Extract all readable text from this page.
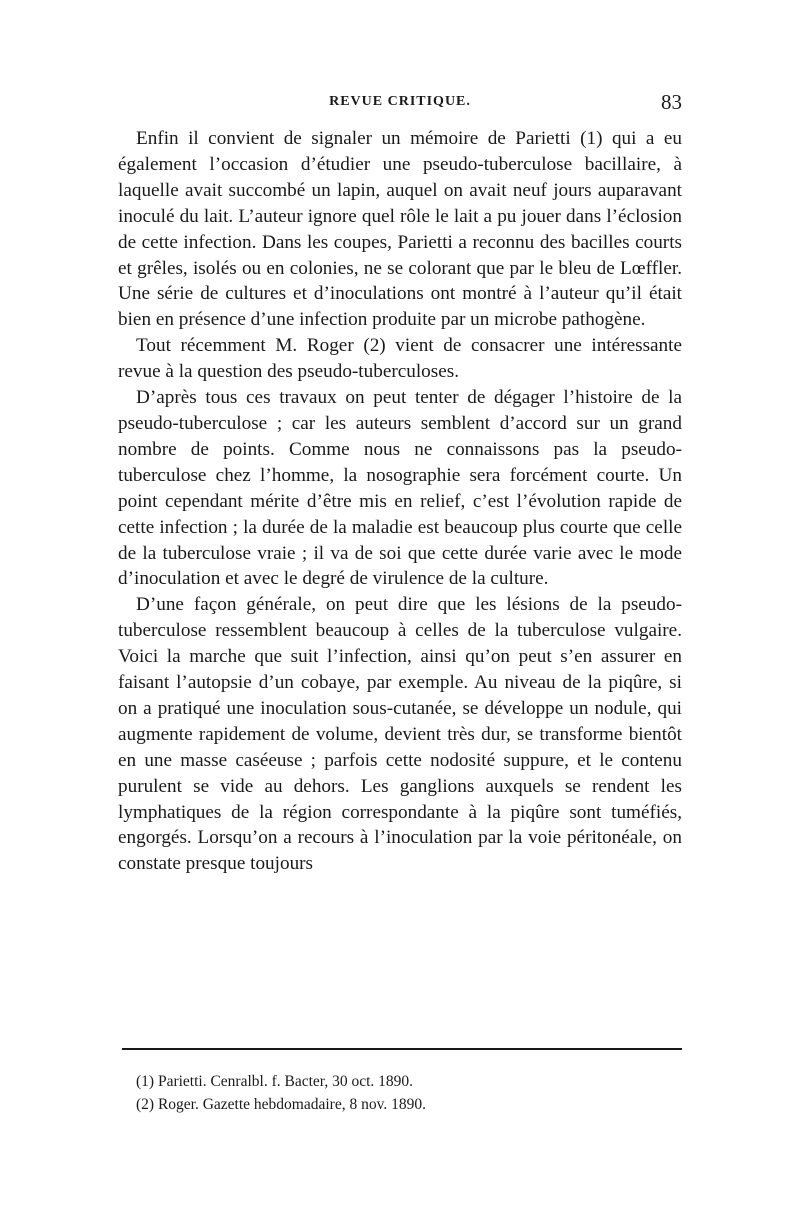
REVUE CRITIQUE.	83

Enfin il convient de signaler un mémoire de Parietti (1) qui a eu également l’occasion d’étudier une pseudo-tuberculose bacillaire, à laquelle avait succombé un lapin, auquel on avait neuf jours auparavant inoculé du lait. L’auteur ignore quel rôle le lait a pu jouer dans l’éclosion de cette infection. Dans les coupes, Parietti a reconnu des bacilles courts et grêles, isolés ou en colonies, ne se colorant que par le bleu de Lœffler. Une série de cultures et d’inoculations ont montré à l’auteur qu’il était bien en présence d’une infection produite par un microbe pathogène.

Tout récemment M. Roger (2) vient de consacrer une intéressante revue à la question des pseudo-tuberculoses.

D’après tous ces travaux on peut tenter de dégager l’histoire de la pseudo-tuberculose ; car les auteurs semblent d’accord sur un grand nombre de points. Comme nous ne connaissons pas la pseudo-tuberculose chez l’homme, la nosographie sera forcément courte. Un point cependant mérite d’être mis en relief, c’est l’évolution rapide de cette infection ; la durée de la maladie est beaucoup plus courte que celle de la tuberculose vraie ; il va de soi que cette durée varie avec le mode d’inoculation et avec le degré de virulence de la culture.

D’une façon générale, on peut dire que les lésions de la pseudo-tuberculose ressemblent beaucoup à celles de la tuberculose vulgaire. Voici la marche que suit l’infection, ainsi qu’on peut s’en assurer en faisant l’autopsie d’un cobaye, par exemple. Au niveau de la piqûre, si on a pratiqué une inoculation sous-cutanée, se développe un nodule, qui augmente rapidement de volume, devient très dur, se transforme bientôt en une masse caséeuse ; parfois cette nodosité suppure, et le contenu purulent se vide au dehors. Les ganglions auxquels se rendent les lymphatiques de la région correspondante à la piqûre sont tuméfiés, engorgés. Lorsqu’on a recours à l’inoculation par la voie péritonéale, on constate presque toujours

(1) Parietti. Cenralbl. f. Bacter, 30 oct. 1890.
(2) Roger. Gazette hebdomadaire, 8 nov. 1890.
